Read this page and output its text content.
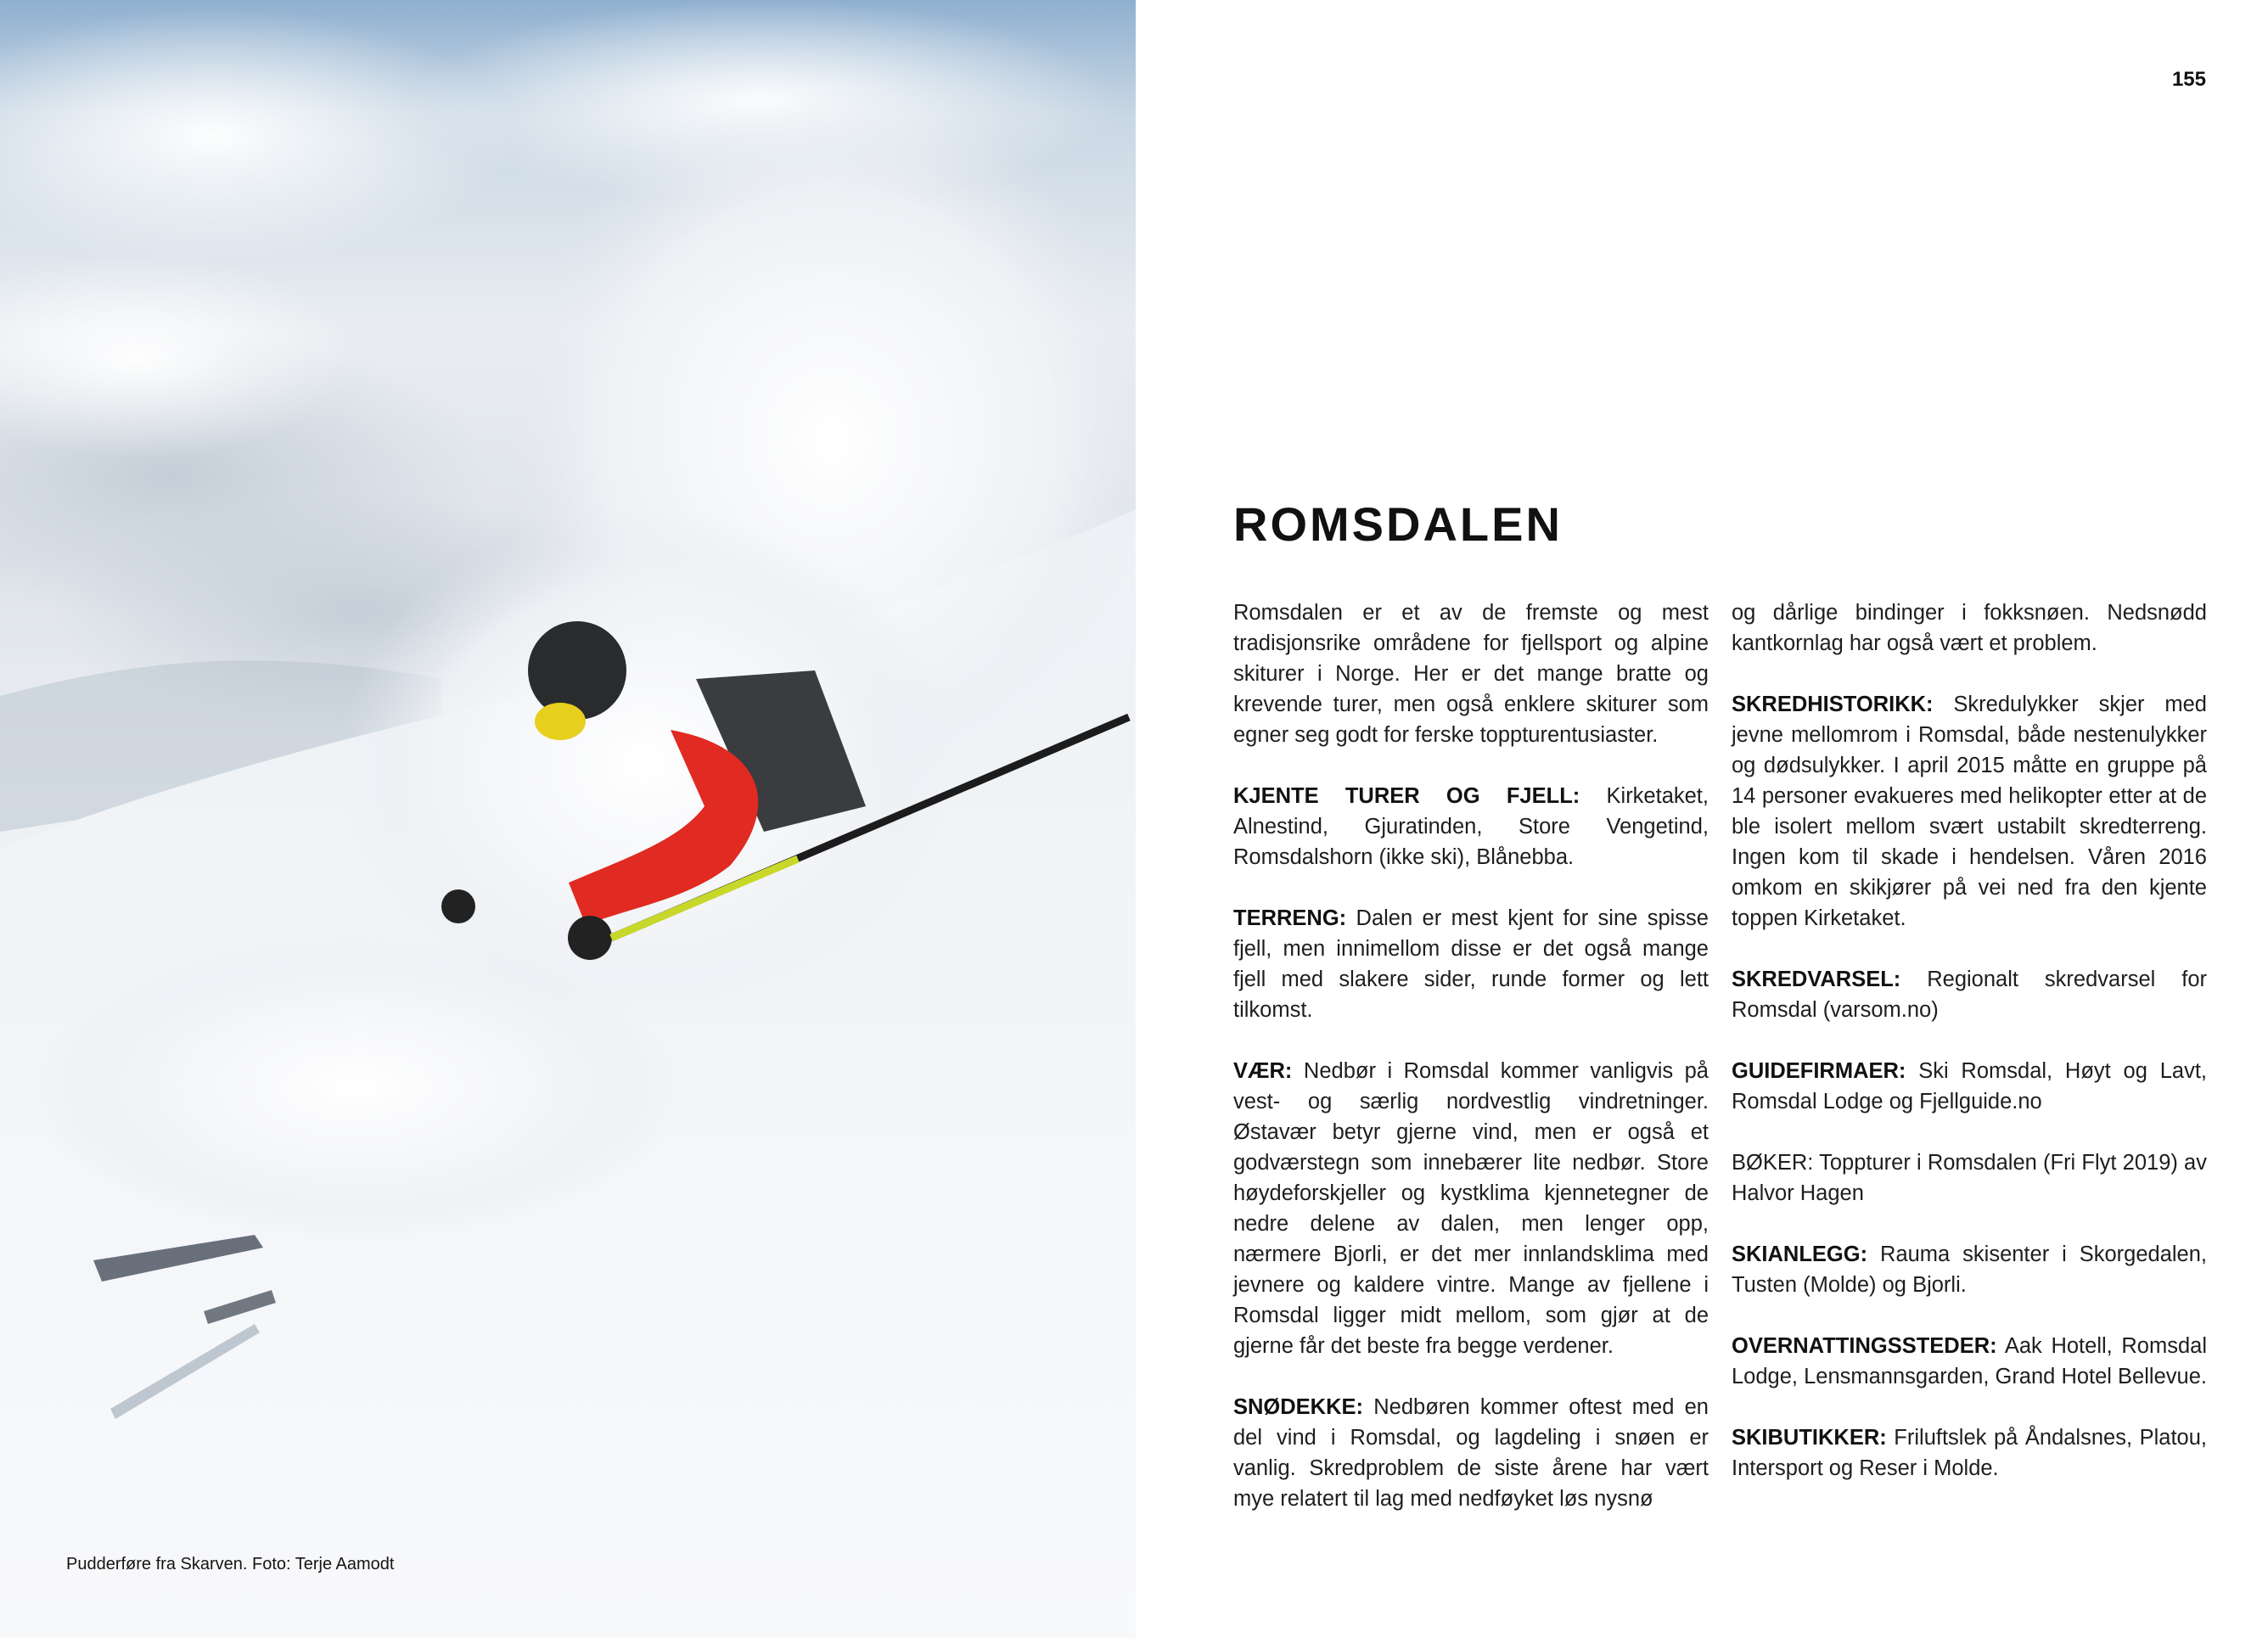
Pudderføre fra Skarven. Foto: Terje Aamodt
155
ROMSDALEN

Romsdalen er et av de fremste og mest tradisjonsrike områdene for fjellsport og alpine skiturer i Norge. Her er det mange bratte og krevende turer, men også enklere skiturer som egner seg godt for ferske toppturentusiaster.

KJENTE TURER OG FJELL: Kirketaket, Alnestind, Gjuratinden, Store Vengetind, Romsdalshorn (ikke ski), Blånebba.

TERRENG: Dalen er mest kjent for sine spisse fjell, men innimellom disse er det også mange fjell med slakere sider, runde former og lett tilkomst.

VÆR: Nedbør i Romsdal kommer vanligvis på vest- og særlig nordvestlig vindretninger. Østavær betyr gjerne vind, men er også et godværstegn som innebærer lite nedbør. Store høydeforskjeller og kystklima kjennetegner de nedre delene av dalen, men lenger opp, nærmere Bjorli, er det mer innlandsklima med jevnere og kaldere vintre. Mange av fjellene i Romsdal ligger midt mellom, som gjør at de gjerne får det beste fra begge verdener.

SNØDEKKE: Nedbøren kommer oftest med en del vind i Romsdal, og lagdeling i snøen er vanlig. Skredproblem de siste årene har vært mye relatert til lag med nedføyket løs nysnø

og dårlige bindinger i fokksnøen. Nedsnødd kantkornlag har også vært et problem.

SKREDHISTORIKK: Skredulykker skjer med jevne mellomrom i Romsdal, både nestenulykker og dødsulykker. I april 2015 måtte en gruppe på 14 personer evakueres med helikopter etter at de ble isolert mellom svært ustabilt skredterreng. Ingen kom til skade i hendelsen. Våren 2016 omkom en skikjører på vei ned fra den kjente toppen Kirketaket.

SKREDVARSEL: Regionalt skredvarsel for Romsdal (varsom.no)

GUIDEFIRMAER: Ski Romsdal, Høyt og Lavt, Romsdal Lodge og Fjellguide.no

BØKER: Toppturer i Romsdalen (Fri Flyt 2019) av Halvor Hagen

SKIANLEGG: Rauma skisenter i Skorgedalen, Tusten (Molde) og Bjorli.

OVERNATTINGSSTEDER: Aak Hotell, Romsdal Lodge, Lensmannsgarden, Grand Hotel Bellevue.

SKIBUTIKKER: Friluftslek på Åndalsnes, Platou, Intersport og Reser i Molde.
